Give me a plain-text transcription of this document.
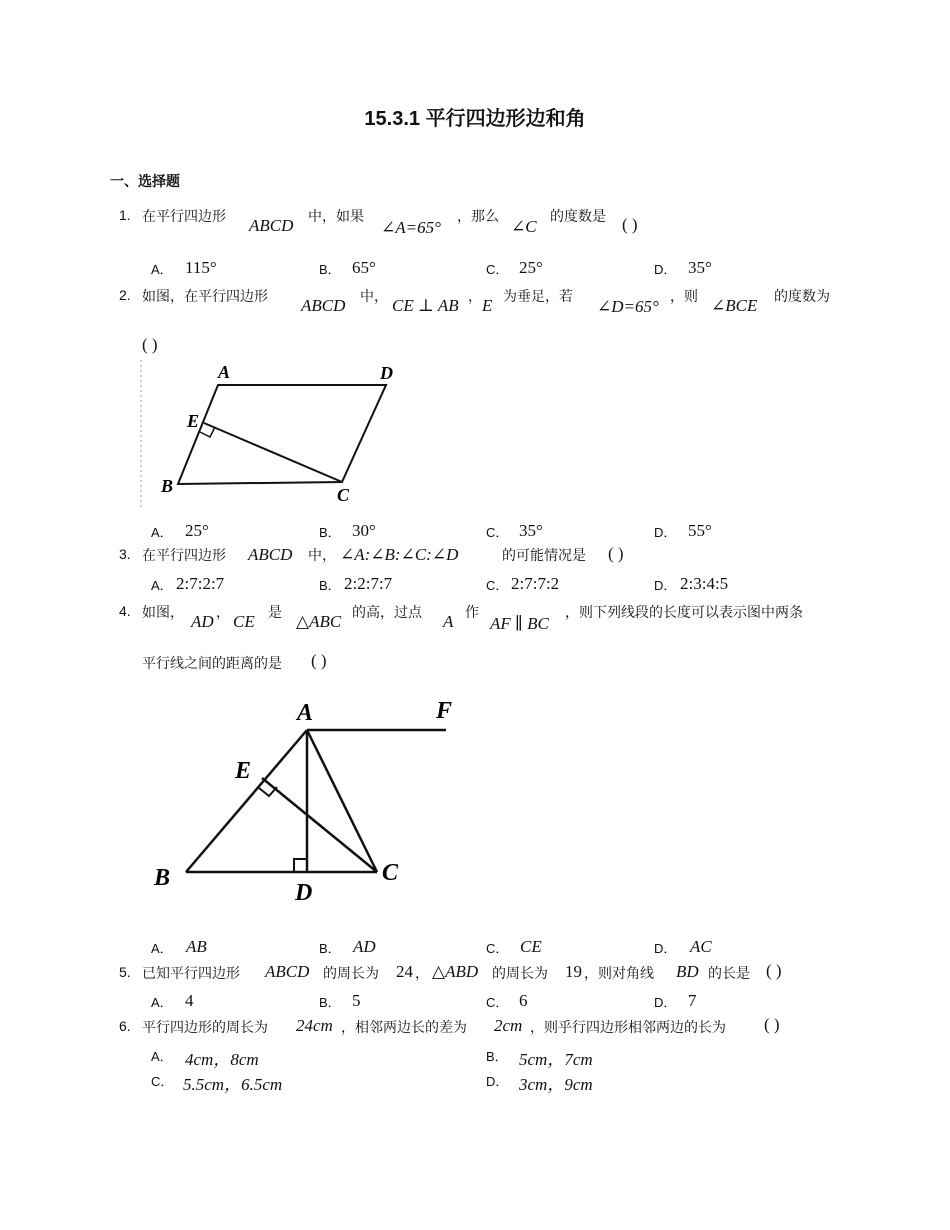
15.3.1 平行四边形边和角
一、选择题
1. 在平行四边形 ABCD 中，如果
∠A=65°
，那么 ∠C 的度数是 ( )
A． 115°	B． 65°	C． 25°	D． 35°
2. 如图，在平行四边形 ABCD 中， CE ⊥ AB ， E 为垂足，若 ∠D=65° ，则 ∠BCE 的度数为
( )
A	D
E
B	C
A． 25°	B． 30°	C． 35°	D． 55°
3. 在平行四边形 ABCD 中， ∠A:∠B:∠C:∠D	的可能情况是 ( )
A． 2:7:2:7	B． 2:2:7:7	C． 2:7:7:2	D． 2:3:4:5
4. 如图， AD ， CE 是 △ABC 的高，过点 A 作
AF ∥ BC
，则下列线段的长度可以表示图中两条
平行线之间的距离的是 ( )
A	F
E
B
D
C
A． AB	B． AD	C． CE	D． AC
5. 已知平行四边形 ABCD 的周长为 24 ， △ABD 的周长为 19 ，则对角线 BD 的长是 ( )
A． 4	B． 5	C． 6	D． 7
6. 平行四边形的周长为 24cm ，相邻两边长的差为 2cm ，则乎行四边形相邻两边的长为 ( )
A． 4cm，8cm	B． 5cm，7cm
C． 5.5cm，6.5cm	D． 3cm，9cm
